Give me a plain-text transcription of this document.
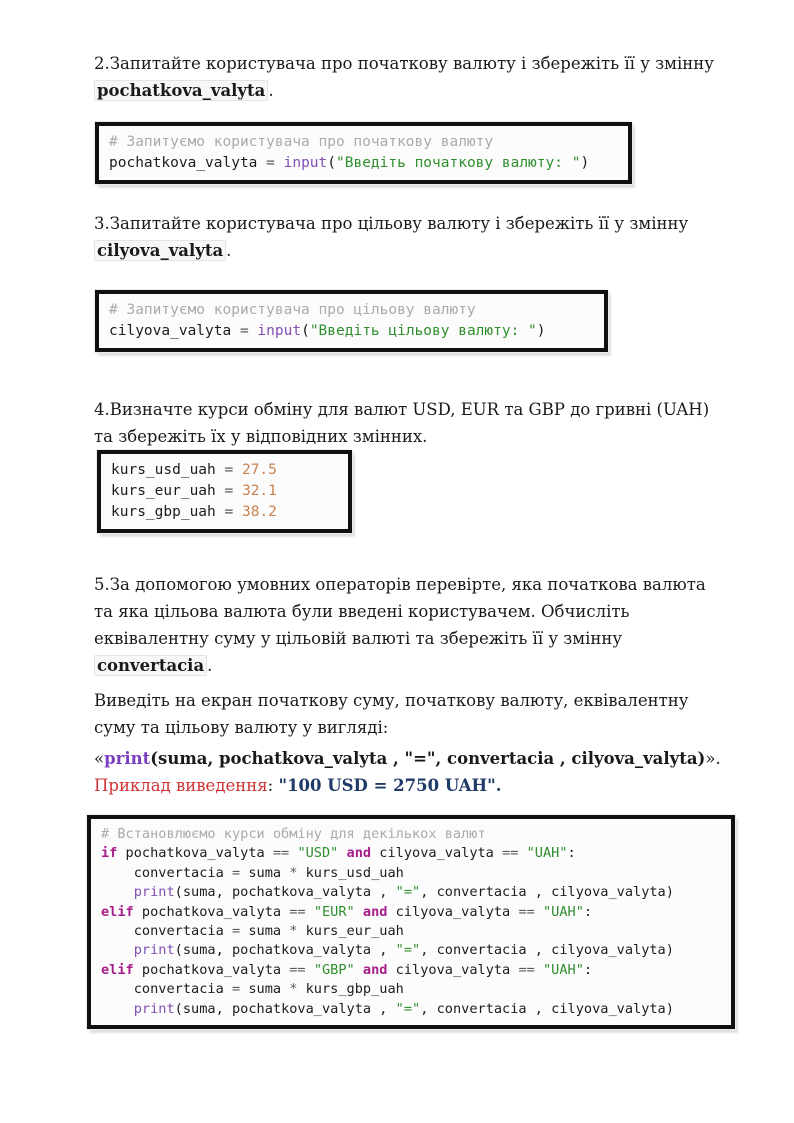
2.Запитайте користувача про початкову валюту і збережіть її у змінну pochatkova_valyta .

# Запитуємо користувача про початкову валюту
pochatkova_valyta = input("Введіть початкову валюту: ")

3.Запитайте користувача про цільову валюту і збережіть її у змінну cilyova_valyta .

# Запитуємо користувача про цільову валюту
cilyova_valyta = input("Введіть цільову валюту: ")

4.Визначте курси обміну для валют USD, EUR та GBP до гривні (UAH) та збережіть їх у відповідних змінних.

kurs_usd_uah = 27.5
kurs_eur_uah = 32.1
kurs_gbp_uah = 38.2

5.За допомогою умовних операторів перевірте, яка початкова валюта та яка цільова валюта були введені користувачем. Обчисліть еквівалентну суму у цільовій валюті та збережіть її у змінну convertacia .

Виведіть на екран початкову суму, початкову валюту, еквівалентну суму та цільову валюту у вигляді:

«print(suma, pochatkova_valyta , "=", convertacia , cilyova_valyta)».

Приклад виведення: "100 USD = 2750 UAH".

.
# Встановлюємо курси обміну для декількох валют
if pochatkova_valyta == "USD" and cilyova_valyta == "UAH":
convertacia = suma * kurs_usd_uah
print(suma, pochatkova_valyta , "=", convertacia , cilyova_valyta)
elif pochatkova_valyta == "EUR" and cilyova_valyta == "UAH":
convertacia = suma * kurs_eur_uah
print(suma, pochatkova_valyta , "=", convertacia , cilyova_valyta)
elif pochatkova_valyta == "GBP" and cilyova_valyta == "UAH":
convertacia = suma * kurs_gbp_uah
print(suma, pochatkova_valyta , "=", convertacia , cilyova_valyta)
